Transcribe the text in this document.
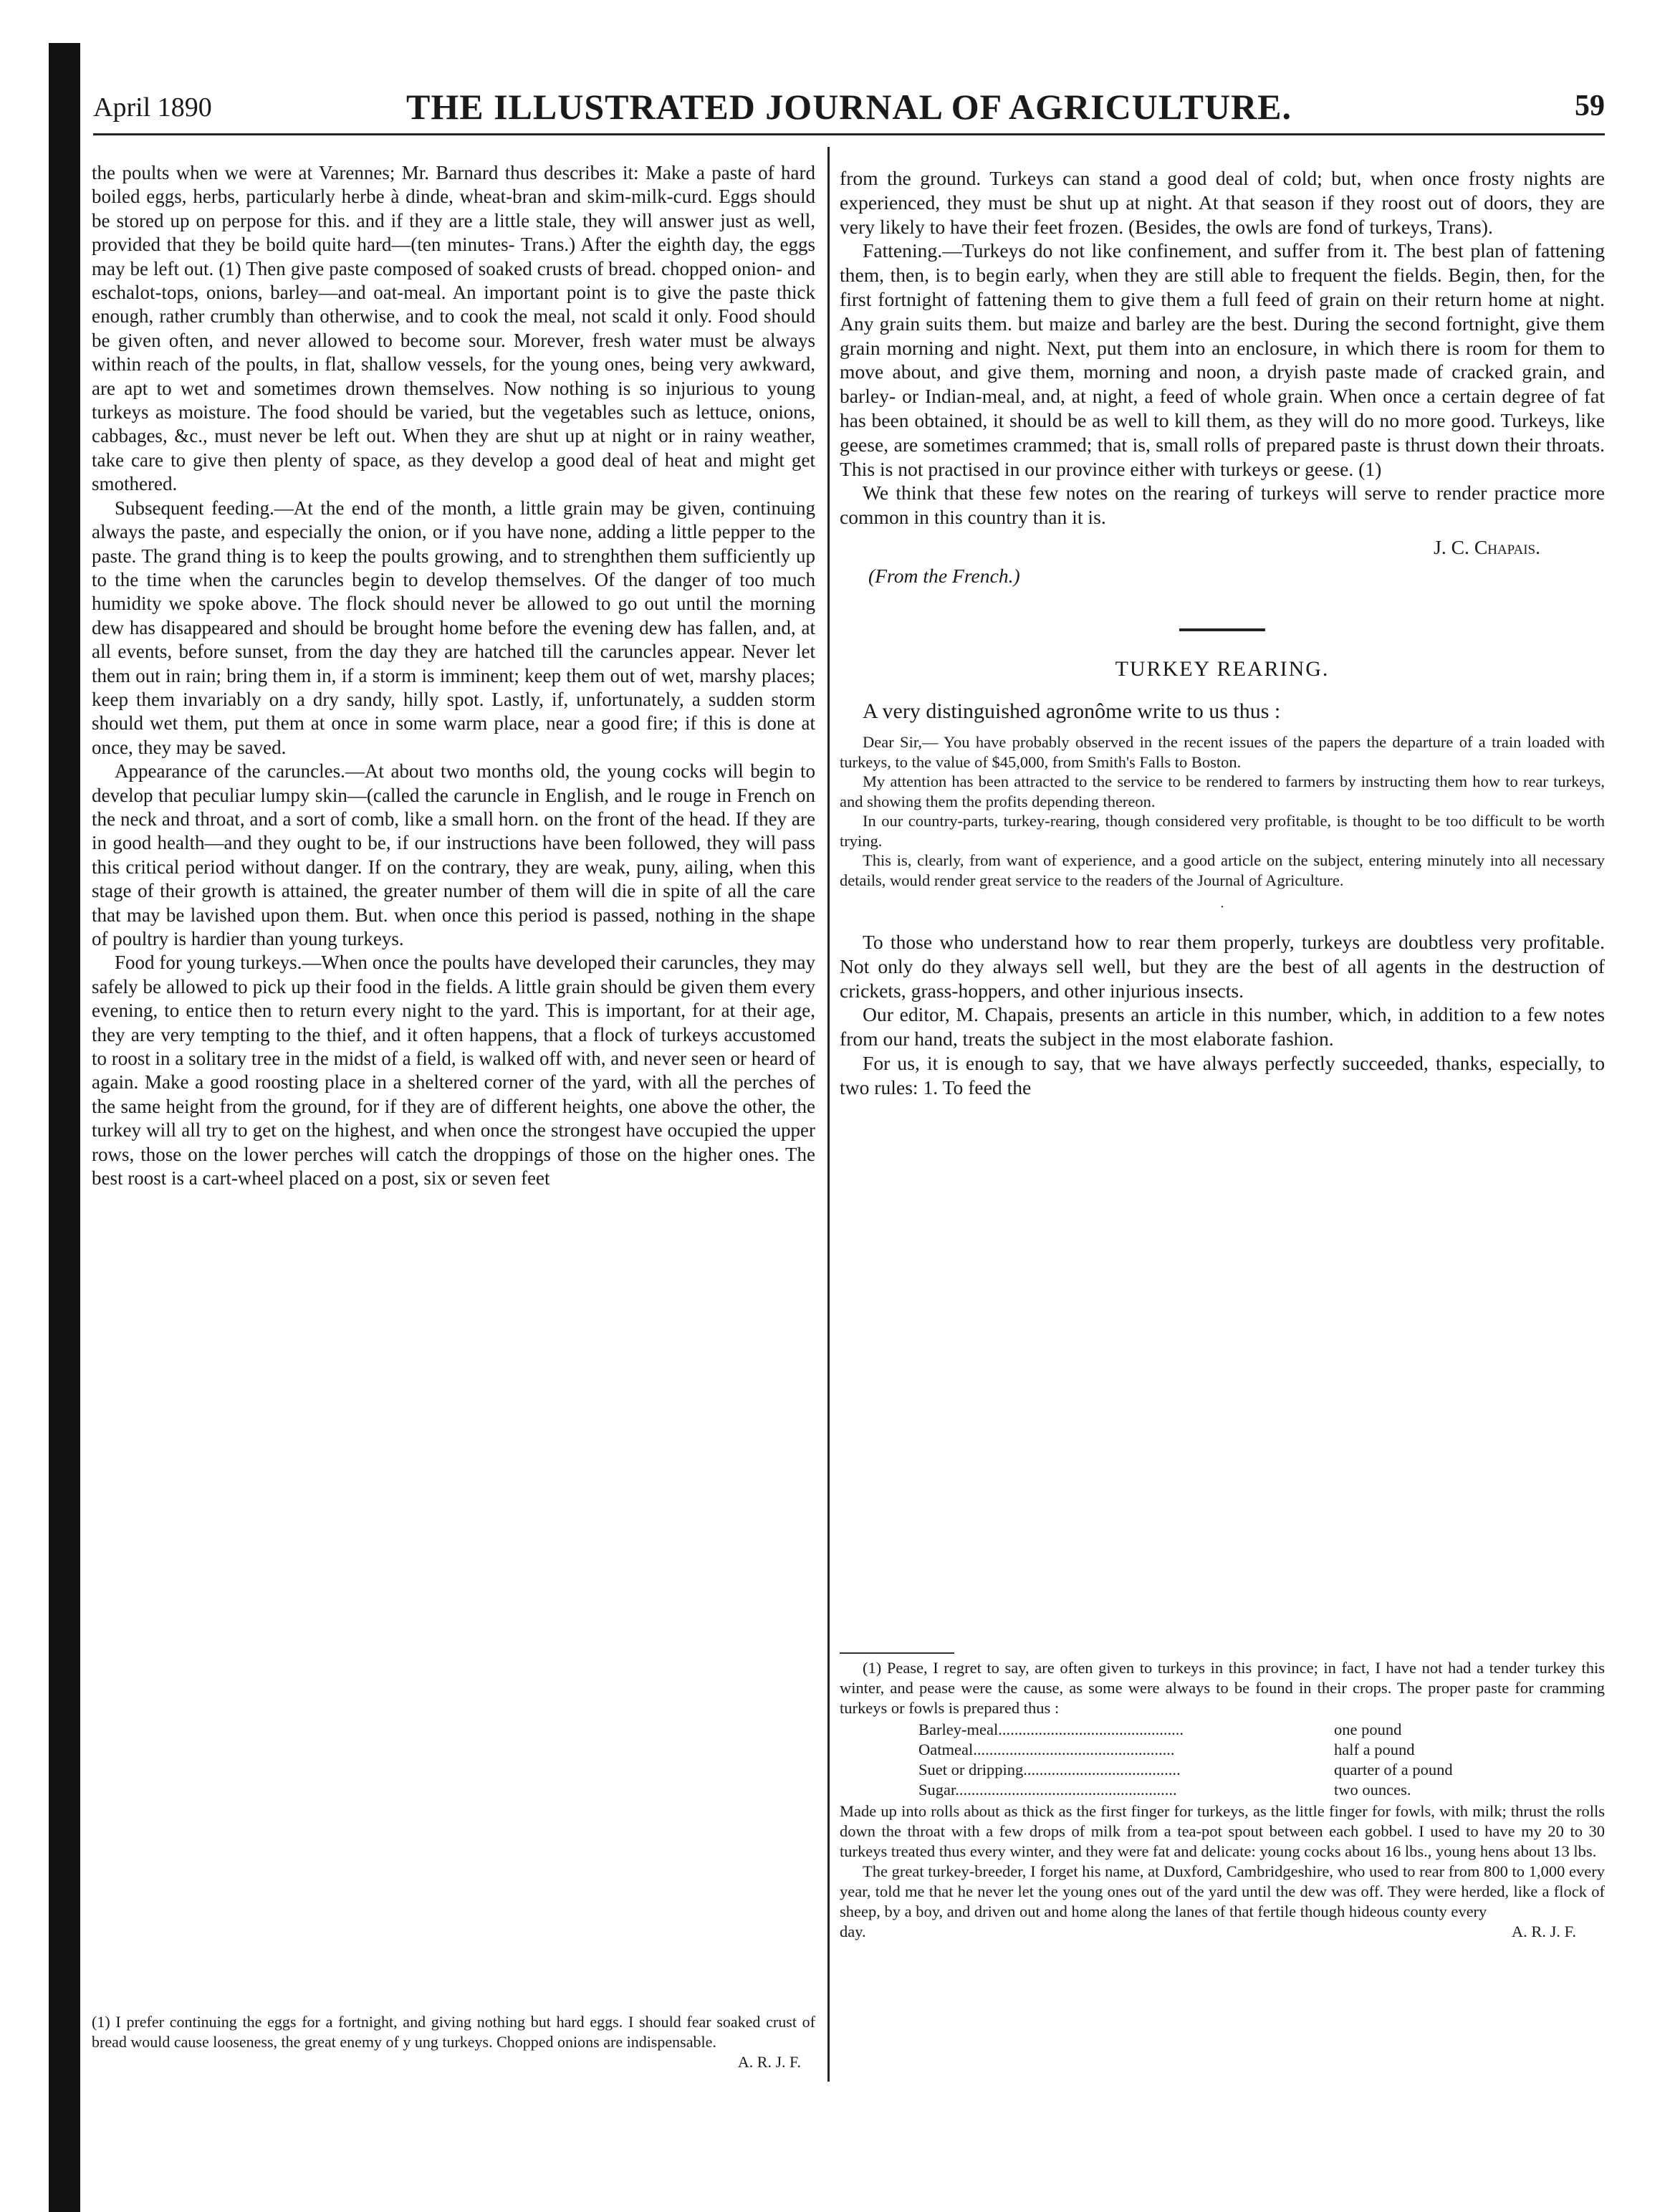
April 1890	THE ILLUSTRATED JOURNAL OF AGRICULTURE.	59

the poults when we were at Varennes; Mr. Barnard thus describes it: Make a paste of hard boiled eggs, herbs, particularly herbe à dinde, wheat-bran and skim-milk-curd. Eggs should be stored up on perpose for this. and if they are a little stale, they will answer just as well, provided that they be boild quite hard—(ten minutes- Trans.) After the eighth day, the eggs may be left out. (1) Then give paste composed of soaked crusts of bread. chopped onion- and eschalot-tops, onions, barley—and oat-meal. An important point is to give the paste thick enough, rather crumbly than otherwise, and to cook the meal, not scald it only. Food should be given often, and never allowed to become sour. Morever, fresh water must be always within reach of the poults, in flat, shallow vessels, for the young ones, being very awkward, are apt to wet and sometimes drown themselves. Now nothing is so injurious to young turkeys as moisture. The food should be varied, but the vegetables such as lettuce, onions, cabbages, &c., must never be left out. When they are shut up at night or in rainy weather, take care to give then plenty of space, as they develop a good deal of heat and might get smothered.

Subsequent feeding.—At the end of the month, a little grain may be given, continuing always the paste, and especially the onion, or if you have none, adding a little pepper to the paste. The grand thing is to keep the poults growing, and to strenghthen them sufficiently up to the time when the caruncles begin to develop themselves. Of the danger of too much humidity we spoke above. The flock should never be allowed to go out until the morning dew has disappeared and should be brought home before the evening dew has fallen, and, at all events, before sunset, from the day they are hatched till the caruncles appear. Never let them out in rain; bring them in, if a storm is imminent; keep them out of wet, marshy places; keep them invariably on a dry sandy, hilly spot. Lastly, if, unfortunately, a sudden storm should wet them, put them at once in some warm place, near a good fire; if this is done at once, they may be saved.

Appearance of the caruncles.—At about two months old, the young cocks will begin to develop that peculiar lumpy skin—(called the caruncle in English, and le rouge in French on the neck and throat, and a sort of comb, like a small horn. on the front of the head. If they are in good health—and they ought to be, if our instructions have been followed, they will pass this critical period without danger. If on the contrary, they are weak, puny, ailing, when this stage of their growth is attained, the greater number of them will die in spite of all the care that may be lavished upon them. But. when once this period is passed, nothing in the shape of poultry is hardier than young turkeys.

Food for young turkeys.—When once the poults have developed their caruncles, they may safely be allowed to pick up their food in the fields. A little grain should be given them every evening, to entice then to return every night to the yard. This is important, for at their age, they are very tempting to the thief, and it often happens, that a flock of turkeys accustomed to roost in a solitary tree in the midst of a field, is walked off with, and never seen or heard of again. Make a good roosting place in a sheltered corner of the yard, with all the perches of the same height from the ground, for if they are of different heights, one above the other, the turkey will all try to get on the highest, and when once the strongest have occupied the upper rows, those on the lower perches will catch the droppings of those on the higher ones. The best roost is a cart-wheel placed on a post, six or seven feet

(1) I prefer continuing the eggs for a fortnight, and giving nothing but hard eggs. I should fear soaked crust of bread would cause looseness, the great enemy of y ung turkeys. Chopped onions are indispensable.
A. R. J. F.

from the ground. Turkeys can stand a good deal of cold; but, when once frosty nights are experienced, they must be shut up at night. At that season if they roost out of doors, they are very likely to have their feet frozen. (Besides, the owls are fond of turkeys, Trans).

Fattening.—Turkeys do not like confinement, and suffer from it. The best plan of fattening them, then, is to begin early, when they are still able to frequent the fields. Begin, then, for the first fortnight of fattening them to give them a full feed of grain on their return home at night. Any grain suits them. but maize and barley are the best. During the second fortnight, give them grain morning and night. Next, put them into an enclosure, in which there is room for them to move about, and give them, morning and noon, a dryish paste made of cracked grain, and barley- or Indian-meal, and, at night, a feed of whole grain. When once a certain degree of fat has been obtained, it should be as well to kill them, as they will do no more good. Turkeys, like geese, are sometimes crammed; that is, small rolls of prepared paste is thrust down their throats. This is not practised in our province either with turkeys or geese. (1)

We think that these few notes on the rearing of turkeys will serve to render practice more common in this country than it is.

J. C. Chapais.
(From the French.)
TURKEY REARING.
A very distinguished agronôme write to us thus :

Dear Sir,— You have probably observed in the recent issues of the papers the departure of a train loaded with turkeys, to the value of $45,000, from Smith's Falls to Boston.

My attention has been attracted to the service to be rendered to farmers by instructing them how to rear turkeys, and showing them the profits depending thereon.

In our country-parts, turkey-rearing, though considered very profitable, is thought to be too difficult to be worth trying.

This is, clearly, from want of experience, and a good article on the subject, entering minutely into all necessary details, would render great service to the readers of the Journal of Agriculture.

·

To those who understand how to rear them properly, turkeys are doubtless very profitable. Not only do they always sell well, but they are the best of all agents in the destruction of crickets, grass-hoppers, and other injurious insects.

Our editor, M. Chapais, presents an article in this number, which, in addition to a few notes from our hand, treats the subject in the most elaborate fashion.

For us, it is enough to say, that we have always perfectly succeeded, thanks, especially, to two rules: 1. To feed the

(1) Pease, I regret to say, are often given to turkeys in this province; in fact, I have not had a tender turkey this winter, and pease were the cause, as some were always to be found in their crops. The proper paste for cramming turkeys or fowls is prepared thus :

Barley-meal..............................................	one pound
Oatmeal..................................................	half a pound
Suet or dripping.......................................	quarter of a pound
Sugar.......................................................	two ounces.

Made up into rolls about as thick as the first finger for turkeys, as the little finger for fowls, with milk; thrust the rolls down the throat with a few drops of milk from a tea-pot spout between each gobbel. I used to have my 20 to 30 turkeys treated thus every winter, and they were fat and delicate: young cocks about 16 lbs., young hens about 13 lbs.

The great turkey-breeder, I forget his name, at Duxford, Cambridgeshire, who used to rear from 800 to 1,000 every year, told me that he never let the young ones out of the yard until the dew was off. They were herded, like a flock of sheep, by a boy, and driven out and home along the lanes of that fertile though hideous county every

day.	A. R. J. F.
